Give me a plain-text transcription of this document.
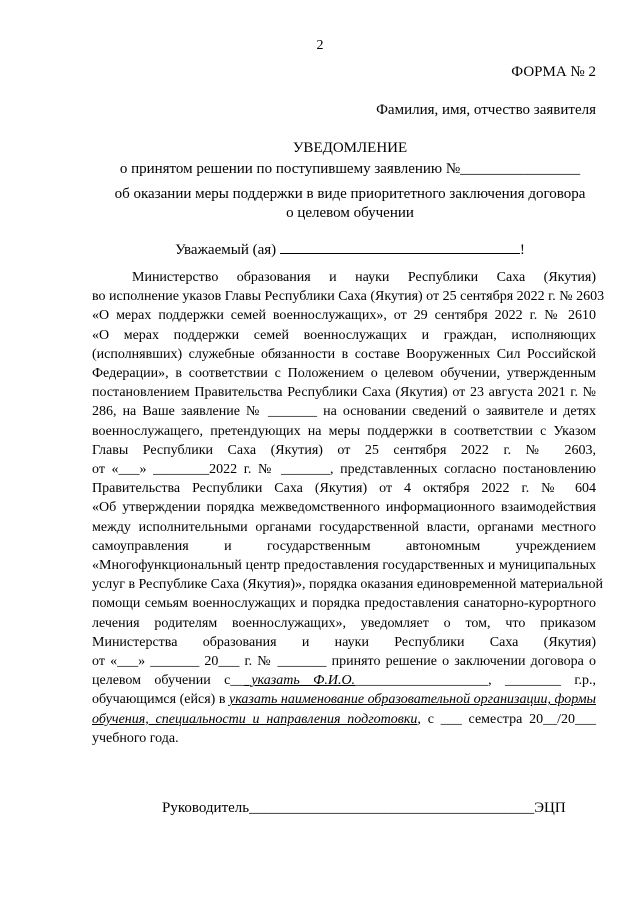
2
ФОРМА № 2
Фамилия, имя, отчество заявителя
УВЕДОМЛЕНИЕ
о принятом решении по поступившему заявлению №________________
об оказании меры поддержки в виде приоритетного заключения договора
о целевом обучении
Уважаемый (ая)	!
Министерство образования и науки Республики Саха (Якутия)
во исполнение указов Главы Республики Саха (Якутия) от 25 сентября 2022 г. № 2603
«О мерах поддержки семей военнослужащих», от 29 сентября 2022 г. № 2610
«О мерах поддержки семей военнослужащих и граждан, исполняющих
(исполнявших) служебные обязанности в составе Вооруженных Сил Российской
Федерации», в соответствии с Положением о целевом обучении, утвержденным
постановлением Правительства Республики Саха (Якутия) от 23 августа 2021 г. №
286, на Ваше заявление № _______ на основании сведений о заявителе и детях
военнослужащего, претендующих на меры поддержки в соответствии с Указом
Главы Республики Саха (Якутия) от 25 сентября 2022 г. № 2603,
от «___» ________2022 г. № _______, представленных согласно постановлению
Правительства Республики Саха (Якутия) от 4 октября 2022 г. № 604
«Об утверждении порядка межведомственного информационного взаимодействия
между исполнительными органами государственной власти, органами местного
самоуправления и государственным автономным учреждением
«Многофункциональный центр предоставления государственных и муниципальных
услуг в Республике Саха (Якутия)», порядка оказания единовременной материальной
помощи семьям военнослужащих и порядка предоставления санаторно-курортного
лечения родителям военнослужащих», уведомляет о том, что приказом
Министерства образования и науки Республики Саха (Якутия)
от «___» _______ 20___ г. № _______ принято решение о заключении договора о
целевом обучении с___указать Ф.И.О.___________________, ________ г.р.,
обучающимся (ейся) в указать наименование образовательной организации, формы
обучения, специальности и направления подготовки, с ___ семестра 20__/20___
учебного года.
Руководитель______________________________________ЭЦП
